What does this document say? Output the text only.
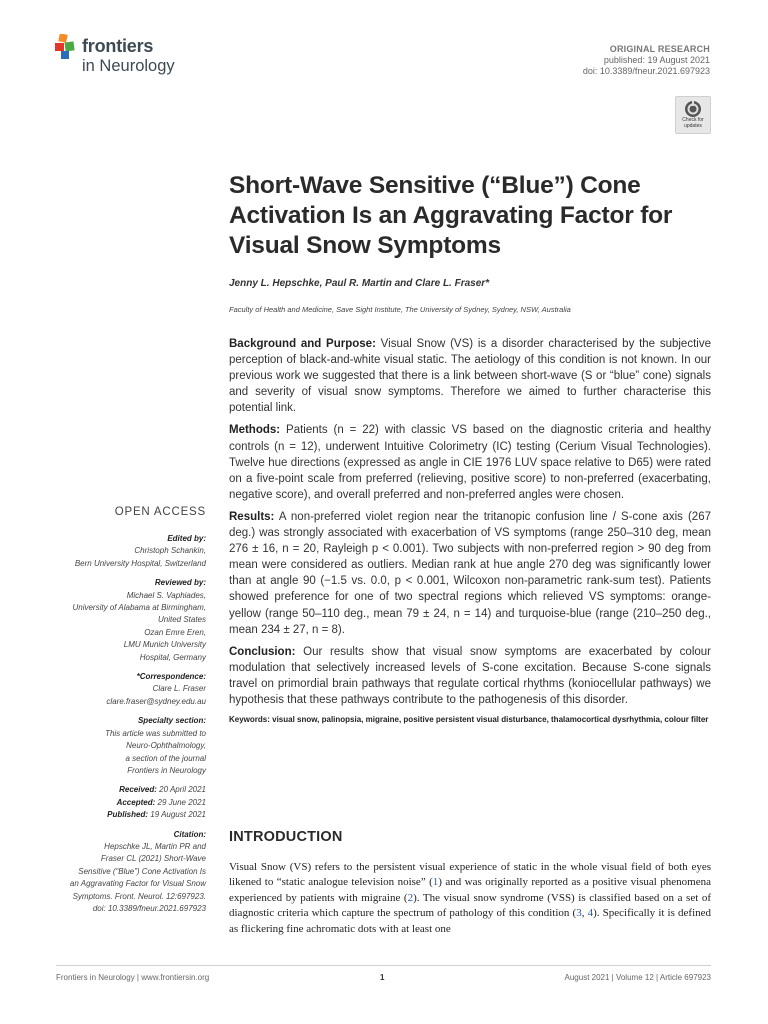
frontiers
in Neurology
ORIGINAL RESEARCH
published: 19 August 2021
doi: 10.3389/fneur.2021.697923
Check for
updates
Short-Wave Sensitive (“Blue”) Cone Activation Is an Aggravating Factor for Visual Snow Symptoms
Jenny L. Hepschke, Paul R. Martin and Clare L. Fraser*
Faculty of Health and Medicine, Save Sight Institute, The University of Sydney, Sydney, NSW, Australia

Background and Purpose: Visual Snow (VS) is a disorder characterised by the subjective perception of black-and-white visual static. The aetiology of this condition is not known. In our previous work we suggested that there is a link between short-wave (S or “blue” cone) signals and severity of visual snow symptoms. Therefore we aimed to further characterise this potential link.

Methods: Patients (n = 22) with classic VS based on the diagnostic criteria and healthy controls (n = 12), underwent Intuitive Colorimetry (IC) testing (Cerium Visual Technologies). Twelve hue directions (expressed as angle in CIE 1976 LUV space relative to D65) were rated on a five-point scale from preferred (relieving, positive score) to non-preferred (exacerbating, negative score), and overall preferred and non-preferred angles were chosen.

Results: A non-preferred violet region near the tritanopic confusion line / S-cone axis (267 deg.) was strongly associated with exacerbation of VS symptoms (range 250–310 deg, mean 276 ± 16, n = 20, Rayleigh p < 0.001). Two subjects with non-preferred region > 90 deg from mean were considered as outliers. Median rank at hue angle 270 deg was significantly lower than at angle 90 (−1.5 vs. 0.0, p < 0.001, Wilcoxon non-parametric rank-sum test). Patients showed preference for one of two spectral regions which relieved VS symptoms: orange-yellow (range 50–110 deg., mean 79 ± 24, n = 14) and turquoise-blue (range (210–250 deg., mean 234 ± 27, n = 8).

Conclusion: Our results show that visual snow symptoms are exacerbated by colour modulation that selectively increased levels of S-cone excitation. Because S-cone signals travel on primordial brain pathways that regulate cortical rhythms (koniocellular pathways) we hypothesis that these pathways contribute to the pathogenesis of this disorder.

Keywords: visual snow, palinopsia, migraine, positive persistent visual disturbance, thalamocortical dysrhythmia, colour filter

INTRODUCTION
Visual Snow (VS) refers to the persistent visual experience of static in the whole visual field of both eyes likened to “static analogue television noise” (1) and was originally reported as a positive visual phenomena experienced by patients with migraine (2). The visual snow syndrome (VSS) is classified based on a set of diagnostic criteria which capture the spectrum of pathology of this condition (3, 4). Specifically it is defined as flickering fine achromatic dots with at least one
OPEN ACCESS
Edited by:
Christoph Schankin,
Bern University Hospital, Switzerland
Reviewed by:
Michael S. Vaphiades,
University of Alabama at Birmingham,
United States
Ozan Emre Eren,
LMU Munich University
Hospital, Germany
*Correspondence:
Clare L. Fraser
clare.fraser@sydney.edu.au
Specialty section:
This article was submitted to
Neuro-Ophthalmology,
a section of the journal
Frontiers in Neurology
Received: 20 April 2021
Accepted: 29 June 2021
Published: 19 August 2021
Citation:
Hepschke JL, Martin PR and
Fraser CL (2021) Short-Wave
Sensitive (“Blue”) Cone Activation Is
an Aggravating Factor for Visual Snow
Symptoms. Front. Neurol. 12:697923.
doi: 10.3389/fneur.2021.697923
Frontiers in Neurology | www.frontiersin.org	1	August 2021 | Volume 12 | Article 697923
